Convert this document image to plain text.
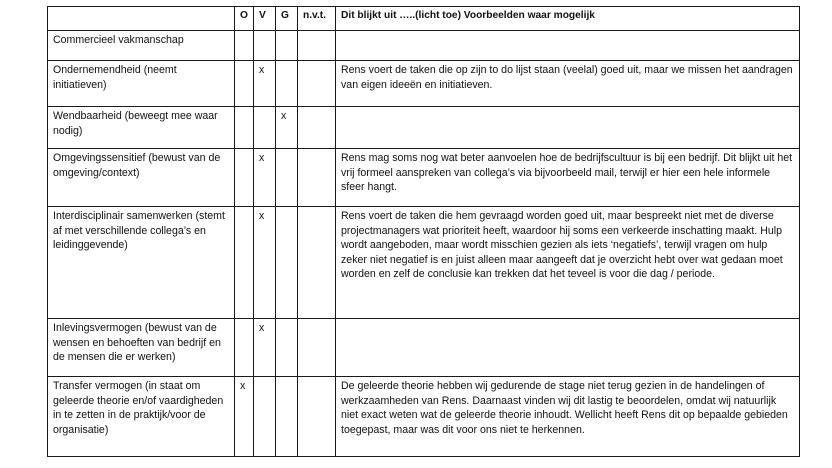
	O	V	G	n.v.t.	Dit blijkt uit …..(licht toe) Voorbeelden waar mogelijk
Commercieel vakmanschap					
Ondernemendheid (neemt initiatieven)		x			Rens voert de taken die op zijn to do lijst staan (veelal) goed uit, maar we missen het aandragen van eigen ideeën en initiatieven.
Wendbaarheid (beweegt mee waar nodig)			x		
Omgevingssensitief (bewust van de omgeving/context)		x			Rens mag soms nog wat beter aanvoelen hoe de bedrijfscultuur is bij een bedrijf. Dit blijkt uit het vrij formeel aanspreken van collega’s via bijvoorbeeld mail, terwijl er hier een hele informele sfeer hangt.
Interdisciplinair samenwerken (stemt af met verschillende collega’s en leidinggevende)		x			Rens voert de taken die hem gevraagd worden goed uit, maar bespreekt niet met de diverse projectmanagers wat prioriteit heeft, waardoor hij soms een verkeerde inschatting maakt. Hulp wordt aangeboden, maar wordt misschien gezien als iets ‘negatiefs’, terwijl vragen om hulp zeker niet negatief is en juist alleen maar aangeeft dat je overzicht hebt over wat gedaan moet worden en zelf de conclusie kan trekken dat het teveel is voor die dag / periode.
Inlevingsvermogen (bewust van de wensen en behoeften van bedrijf en de mensen die er werken)		x			
Transfer vermogen (in staat om geleerde theorie en/of vaardigheden in te zetten in de praktijk/voor de organisatie)	x				De geleerde theorie hebben wij gedurende de stage niet terug gezien in de handelingen of werkzaamheden van Rens. Daarnaast vinden wij dit lastig te beoordelen, omdat wij natuurlijk niet exact weten wat de geleerde theorie inhoudt. Wellicht heeft Rens dit op bepaalde gebieden toegepast, maar was dit voor ons niet te herkennen.
